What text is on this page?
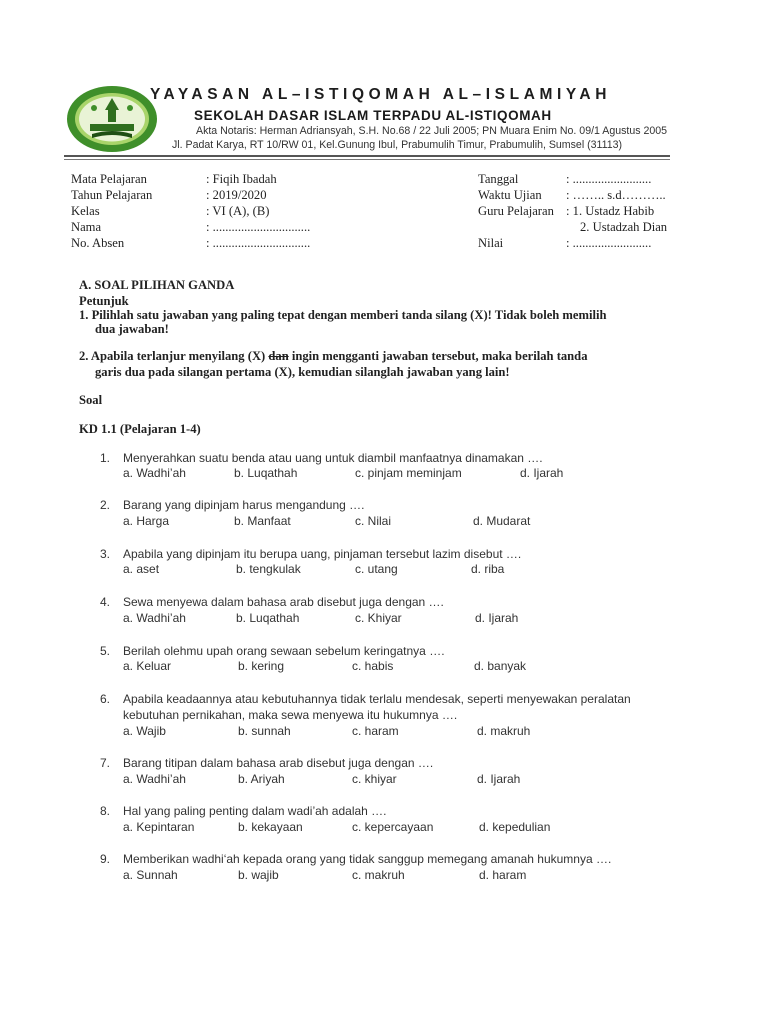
YAYASAN AL–ISTIQOMAH AL–ISLAMIYAH
SEKOLAH DASAR ISLAM TERPADU AL-ISTIQOMAH
Akta Notaris: Herman Adriansyah, S.H. No.68 / 22 Juli 2005; PN Muara Enim No. 09/1 Agustus 2005
Jl. Padat Karya, RT 10/RW 01, Kel.Gunung Ibul, Prabumulih Timur, Prabumulih, Sumsel (31113)
Mata Pelajaran	: Fiqih Ibadah
Tahun Pelajaran	: 2019/2020
Kelas	: VI (A), (B)
Nama	: ...............................
No. Absen	: ...............................
Tanggal	: .........................
Waktu Ujian : …….. s.d………..
Guru Pelajaran : 1. Ustadz Habib
2. Ustadzah Dian
Nilai	: .........................
A. SOAL PILIHAN GANDA
Petunjuk
1. Pilihlah satu jawaban yang paling tepat dengan memberi tanda silang (X)! Tidak boleh memilih
dua jawaban!
2. Apabila terlanjur menyilang (X) dan ingin mengganti jawaban tersebut, maka berilah tanda
garis dua pada silangan pertama (X), kemudian silanglah jawaban yang lain!
Soal
KD 1.1 (Pelajaran 1-4)
1. Menyerahkan suatu benda atau uang untuk diambil manfaatnya dinamakan ….
a. Wadhi’ah	b. Luqathah	c. pinjam meminjam	d. Ijarah
2. Barang yang dipinjam harus mengandung ….
a. Harga	b. Manfaat	c. Nilai	d. Mudarat
3. Apabila yang dipinjam itu berupa uang, pinjaman tersebut lazim disebut ….
a. aset	b. tengkulak	c. utang	d. riba
4. Sewa menyewa dalam bahasa arab disebut juga dengan ….
a. Wadhi’ah	b. Luqathah	c. Khiyar	d. Ijarah
5. Berilah olehmu upah orang sewaan sebelum keringatnya ….
a. Keluar	b. kering	c. habis	d. banyak
6. Apabila keadaannya atau kebutuhannya tidak terlalu mendesak, seperti menyewakan peralatan
kebutuhan pernikahan, maka sewa menyewa itu hukumnya ….
a. Wajib	b. sunnah	c. haram	d. makruh
7. Barang titipan dalam bahasa arab disebut juga dengan ….
a. Wadhi’ah	b. Ariyah	c. khiyar	d. Ijarah
8. Hal yang paling penting dalam wadi’ah adalah ….
a. Kepintaran	b. kekayaan	c. kepercayaan	d. kepedulian
9. Memberikan wadhi‘ah kepada orang yang tidak sanggup memegang amanah hukumnya ….
a. Sunnah	b. wajib	c. makruh	d. haram
